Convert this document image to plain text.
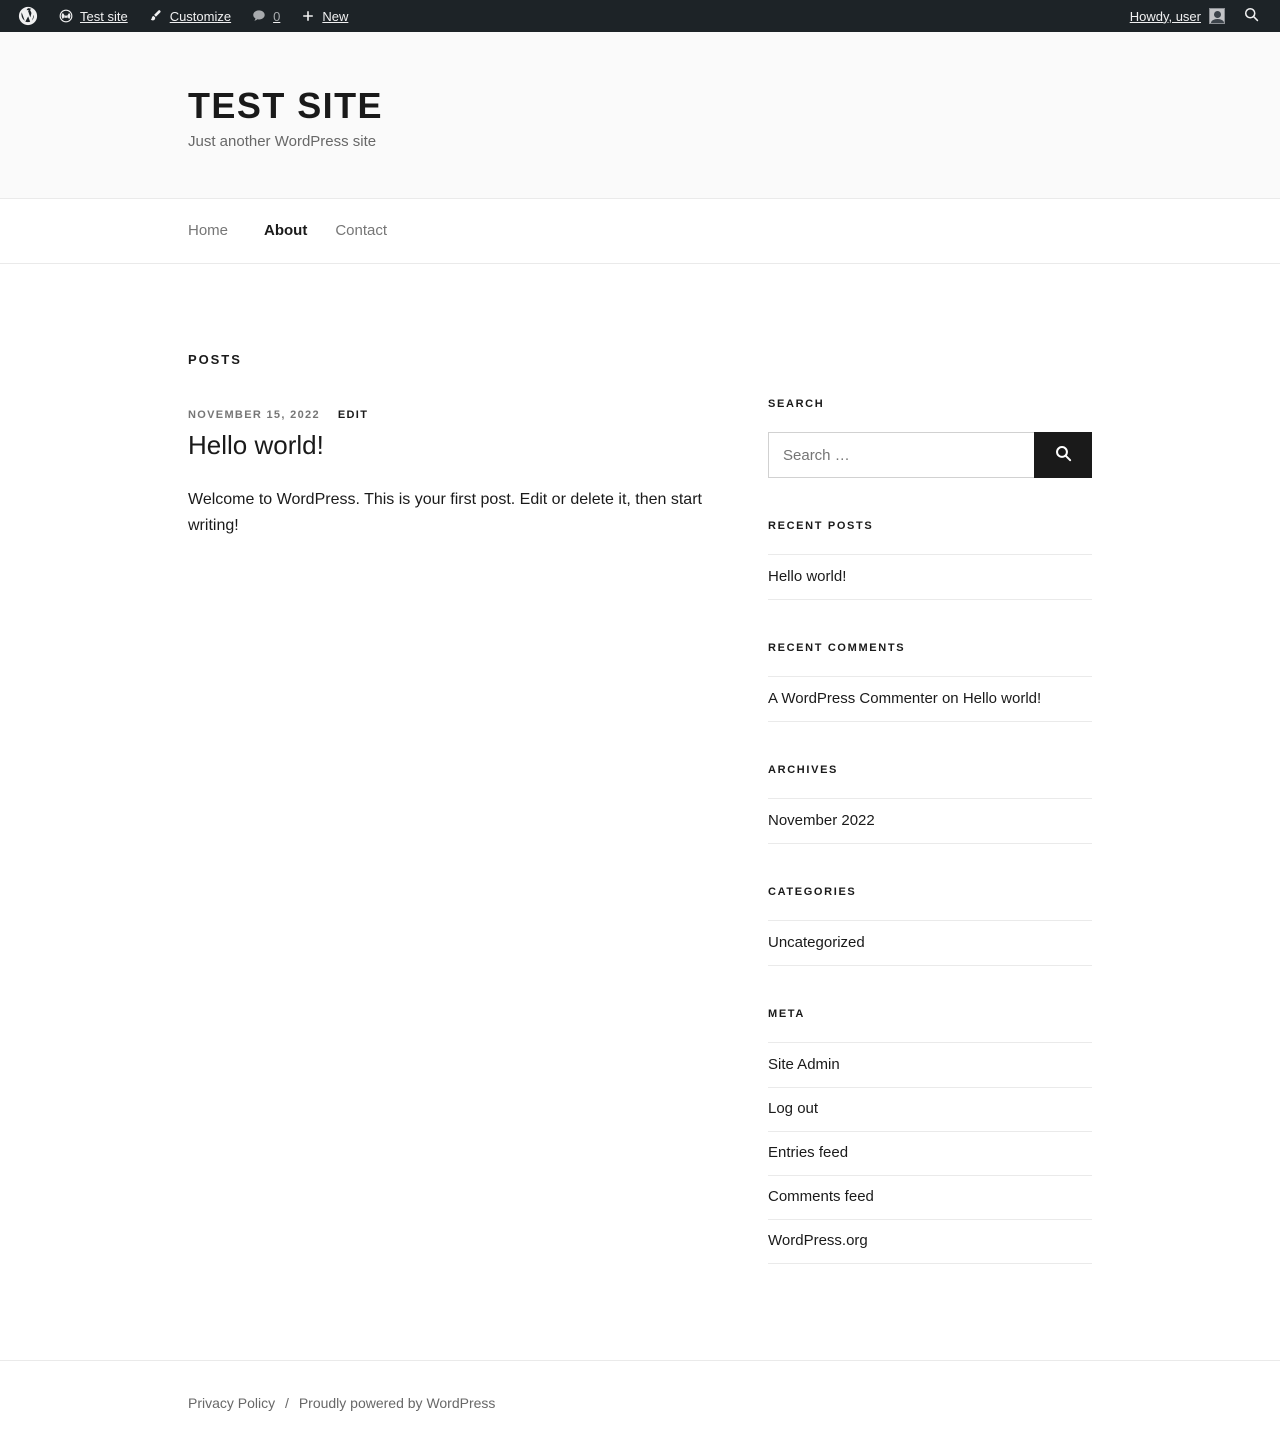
Test site	Customize	0	New	Howdy, user
TEST SITE

Just another WordPress site

Home	About	Contact
POSTS
NOVEMBER 15, 2022 EDIT
Hello world!

Welcome to WordPress. This is your first post. Edit or delete it, then start writing!

SEARCH
Search …
RECENT POSTS
Hello world!
RECENT COMMENTS
A WordPress Commenter on Hello world!
ARCHIVES
November 2022
CATEGORIES
Uncategorized
META
Site Admin
Log out
Entries feed
Comments feed
WordPress.org
Privacy Policy / Proudly powered by WordPress
